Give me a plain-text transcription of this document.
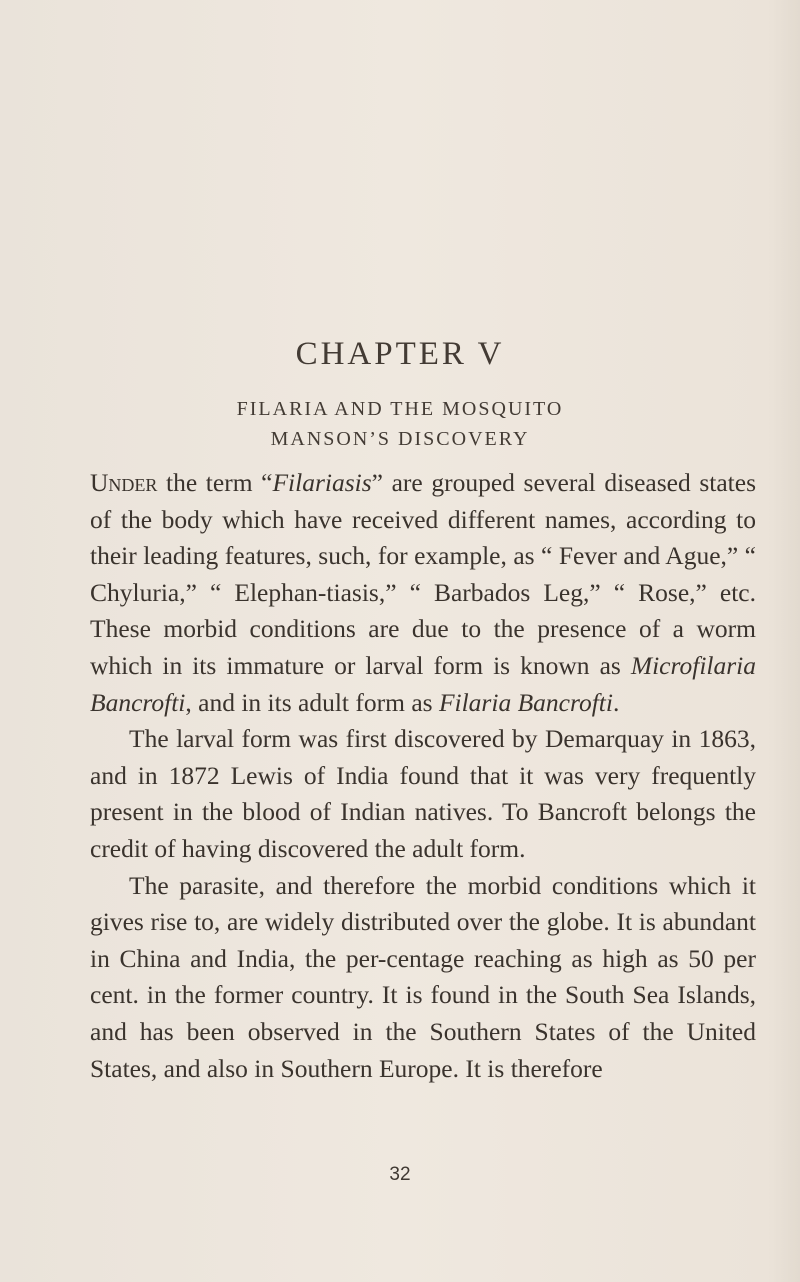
CHAPTER V
FILARIA AND THE MOSQUITO
MANSON’S DISCOVERY

Under the term “Filariasis” are grouped several diseased states of the body which have received different names, according to their leading features, such, for example, as “ Fever and Ague,” “ Chyluria,” “ Elephan-tiasis,” “ Barbados Leg,” “ Rose,” etc. These morbid conditions are due to the presence of a worm which in its immature or larval form is known as Microfilaria Bancrofti, and in its adult form as Filaria Bancrofti.

The larval form was first discovered by Demarquay in 1863, and in 1872 Lewis of India found that it was very frequently present in the blood of Indian natives. To Bancroft belongs the credit of having discovered the adult form.

The parasite, and therefore the morbid conditions which it gives rise to, are widely distributed over the globe. It is abundant in China and India, the per-centage reaching as high as 50 per cent. in the former country. It is found in the South Sea Islands, and has been observed in the Southern States of the United States, and also in Southern Europe. It is therefore

32
